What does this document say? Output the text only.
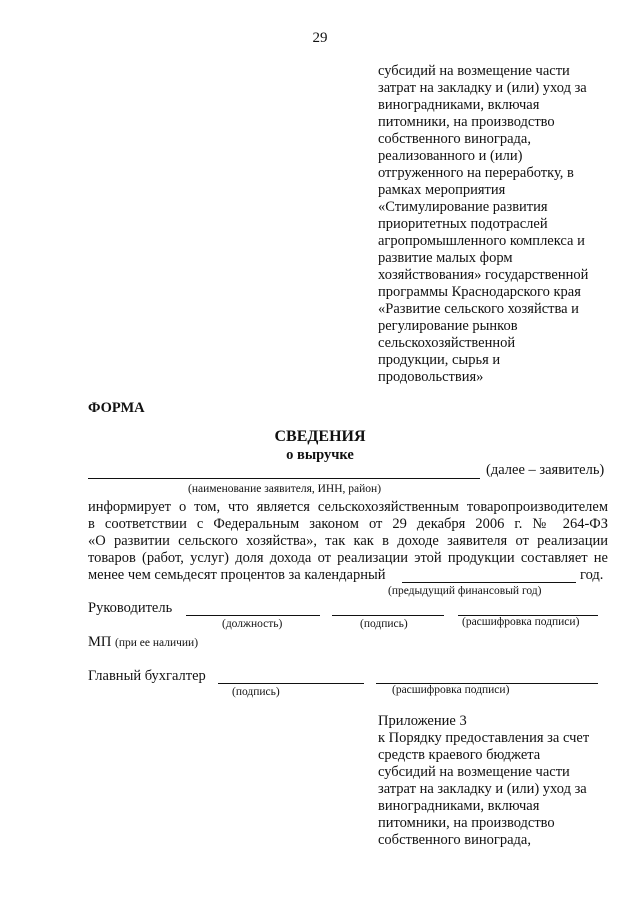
29
субсидий на возмещение части
затрат на закладку и (или) уход за
виноградниками, включая
питомники, на производство
собственного винограда,
реализованного и (или)
отгруженного на переработку, в
рамках мероприятия
«Стимулирование развития
приоритетных подотраслей
агропромышленного комплекса и
развитие малых форм
хозяйствования» государственной
программы Краснодарского края
«Развитие сельского хозяйства и
регулирование рынков
сельскохозяйственной
продукции, сырья и
продовольствия»
ФОРМА
СВЕДЕНИЯ
о выручке
(далее – заявитель)
(наименование заявителя, ИНН, район)
информирует о том, что является сельскохозяйственным товаропроизводителем
в соответствии с Федеральным законом от 29 декабря 2006 г. № 264-ФЗ
«О развитии сельского хозяйства», так как в доходе заявителя от реализации
товаров (работ, услуг) доля дохода от реализации этой продукции составляет не
менее чем семьдесят процентов за календарный	год.
(предыдущий финансовый год)
Руководитель
(должность)	(подпись)	(расшифровка подписи)
МП (при ее наличии)
Главный бухгалтер
(подпись)	(расшифровка подписи)
Приложение 3
к Порядку предоставления за счет
средств краевого бюджета
субсидий на возмещение части
затрат на закладку и (или) уход за
виноградниками, включая
питомники, на производство
собственного винограда,
